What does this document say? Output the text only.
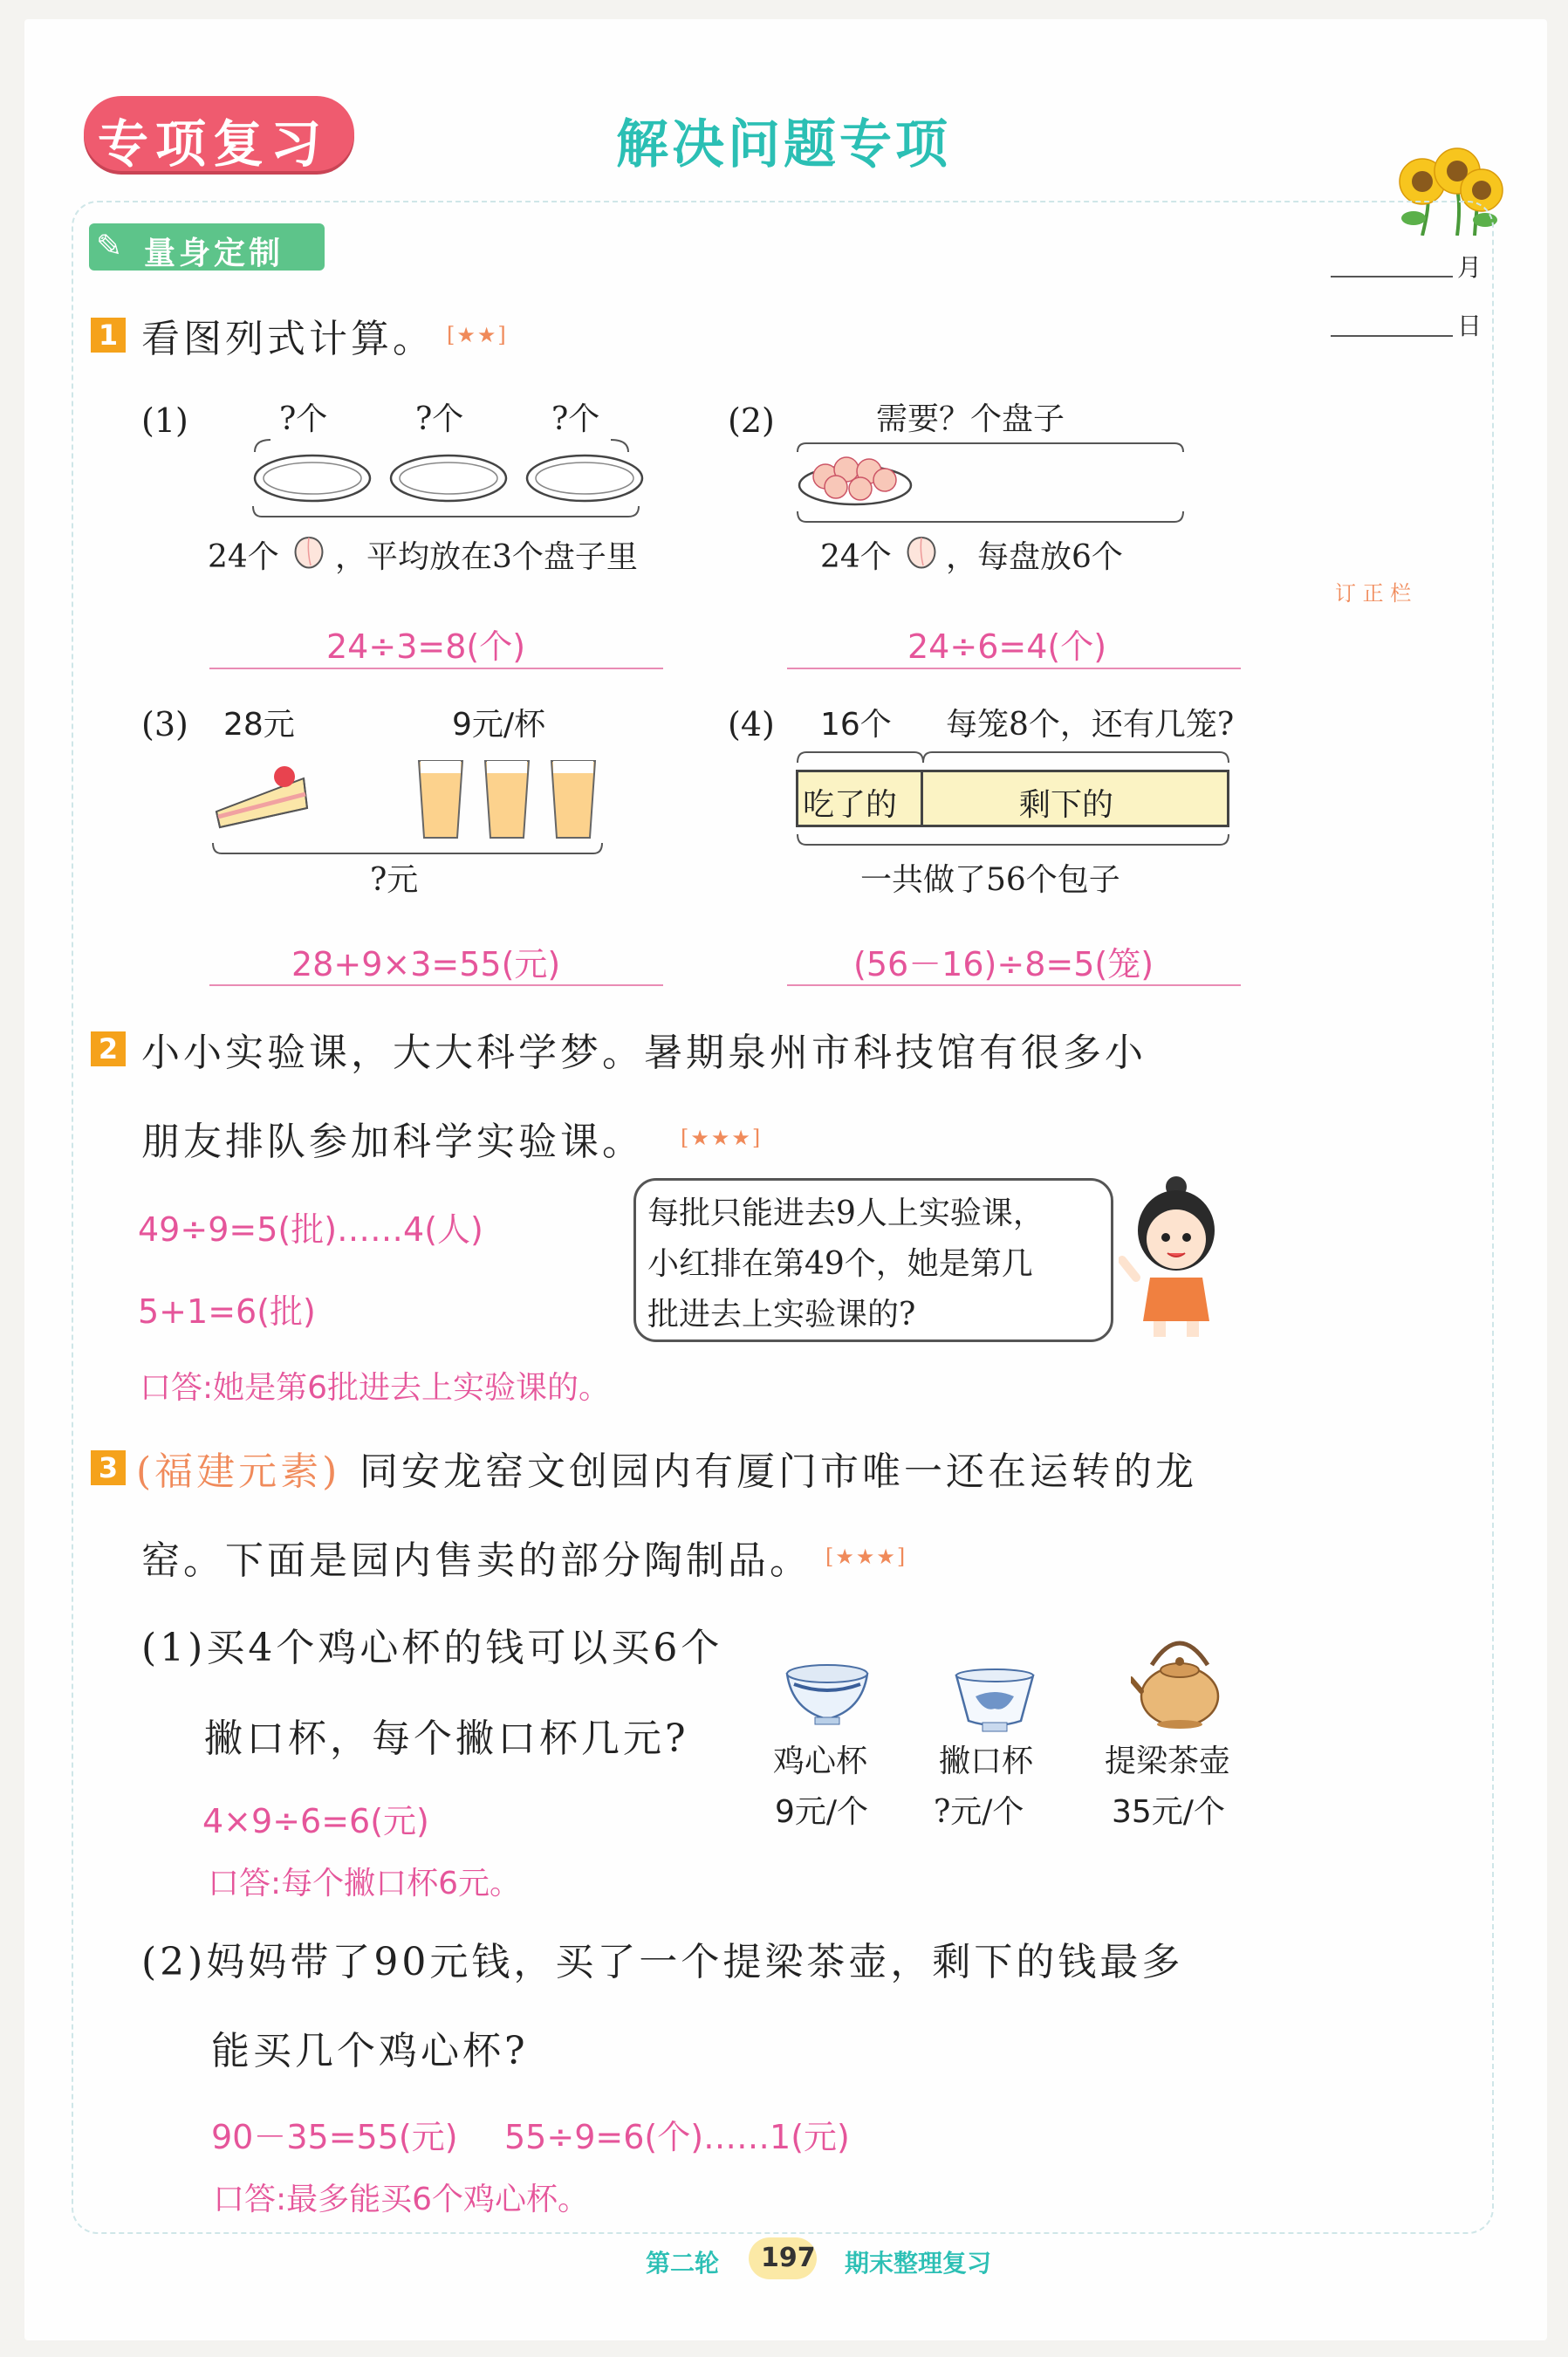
专项复习	解决问题专项
月
日
订 正 栏
✎ 量身定制
1 看图列式计算。 [★★]
(1)	?个	?个	?个
24个 ，平均放在3个盘子里
24÷3=8(个)
(2)	需要？个盘子
24个 ，每盘放6个
24÷6=4(个)
(3) 28元	9元/杯
?元
28+9×3=55(元)
(4) 16个 每笼8个，还有几笼?
吃了的	剩下的
一共做了56个包子
(56－16)÷8=5(笼)
2 小小实验课，大大科学梦。暑期泉州市科技馆有很多小
朋友排队参加科学实验课。 [★★★]
每批只能进去9人上实验课，
小红排在第49个，她是第几
批进去上实验课的?
49÷9=5(批)……4(人)
5+1=6(批)
口答:她是第6批进去上实验课的。
3 (福建元素) 同安龙窑文创园内有厦门市唯一还在运转的龙
窑。下面是园内售卖的部分陶制品。 [★★★]
(1)买4个鸡心杯的钱可以买6个
撇口杯，每个撇口杯几元?
4×9÷6=6(元)
口答:每个撇口杯6元。
鸡心杯 撇口杯 提梁茶壶
9元/个 ?元/个	35元/个
(2)妈妈带了90元钱，买了一个提梁茶壶，剩下的钱最多
能买几个鸡心杯?
90－35=55(元) 55÷9=6(个)……1(元)
口答:最多能买6个鸡心杯。
第二轮 197 期末整理复习
